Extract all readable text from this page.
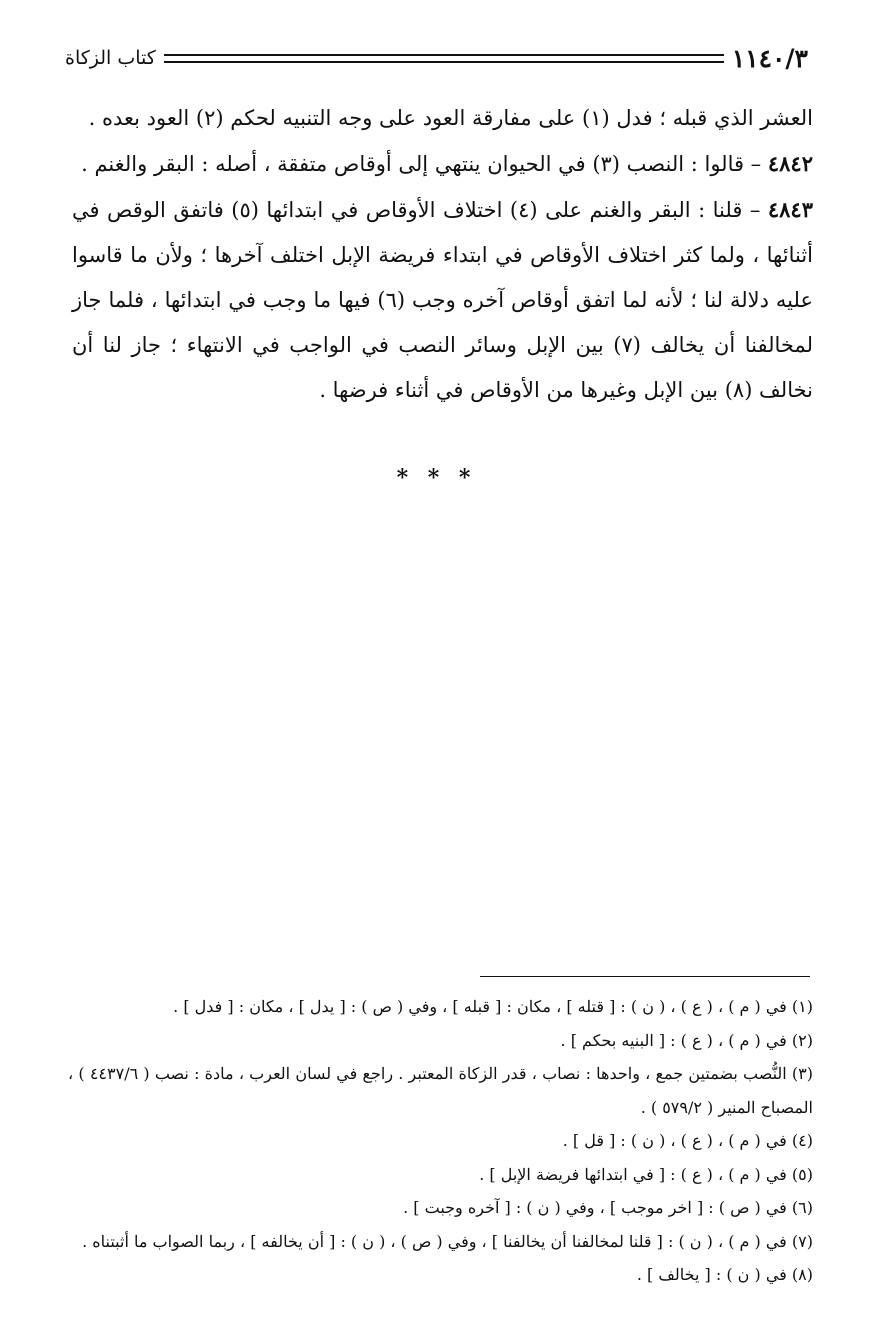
١١٤٠/٣
كتاب الزكاة

العشر الذي قبله ؛ فدل (١) على مفارقة العود على وجه التنبيه لحكم (٢) العود بعده .

٤٨٤٢ – قالوا : النصب (٣) في الحيوان ينتهي إلى أوقاص متفقة ، أصله : البقر والغنم .

٤٨٤٣ – قلنا : البقر والغنم على (٤) اختلاف الأوقاص في ابتدائها (٥) فاتفق الوقص في أثنائها ، ولما كثر اختلاف الأوقاص في ابتداء فريضة الإبل اختلف آخرها ؛ ولأن ما قاسوا عليه دلالة لنا ؛ لأنه لما اتفق أوقاص آخره وجب (٦) فيها ما وجب في ابتدائها ، فلما جاز لمخالفنا أن يخالف (٧) بين الإبل وسائر النصب في الواجب في الانتهاء ؛ جاز لنا أن نخالف (٨) بين الإبل وغيرها من الأوقاص في أثناء فرضها .

* * *

(١) في ( م ) ، ( ع ) ، ( ن ) : [ قتله ] ، مكان : [ قبله ] ، وفي ( ص ) : [ يدل ] ، مكان : [ فدل ] .

(٢) في ( م ) ، ( ع ) : [ البنيه بحكم ] .

(٣) النُّصب بضمتين جمع ، واحدها : نصاب ، قدر الزكاة المعتبر . راجع في لسان العرب ، مادة : نصب ( ٤٤٣٧/٦ ) ، المصباح المنير ( ٥٧٩/٢ ) .

(٤) في ( م ) ، ( ع ) ، ( ن ) : [ قل ] .

(٥) في ( م ) ، ( ع ) : [ في ابتدائها فريضة الإبل ] .

(٦) في ( ص ) : [ اخر موجب ] ، وفي ( ن ) : [ آخره وجبت ] .

(٧) في ( م ) ، ( ن ) : [ قلنا لمخالفنا أن يخالفنا ] ، وفي ( ص ) ، ( ن ) : [ أن يخالفه ] ، ربما الصواب ما أثبتناه .

(٨) في ( ن ) : [ يخالف ] .
